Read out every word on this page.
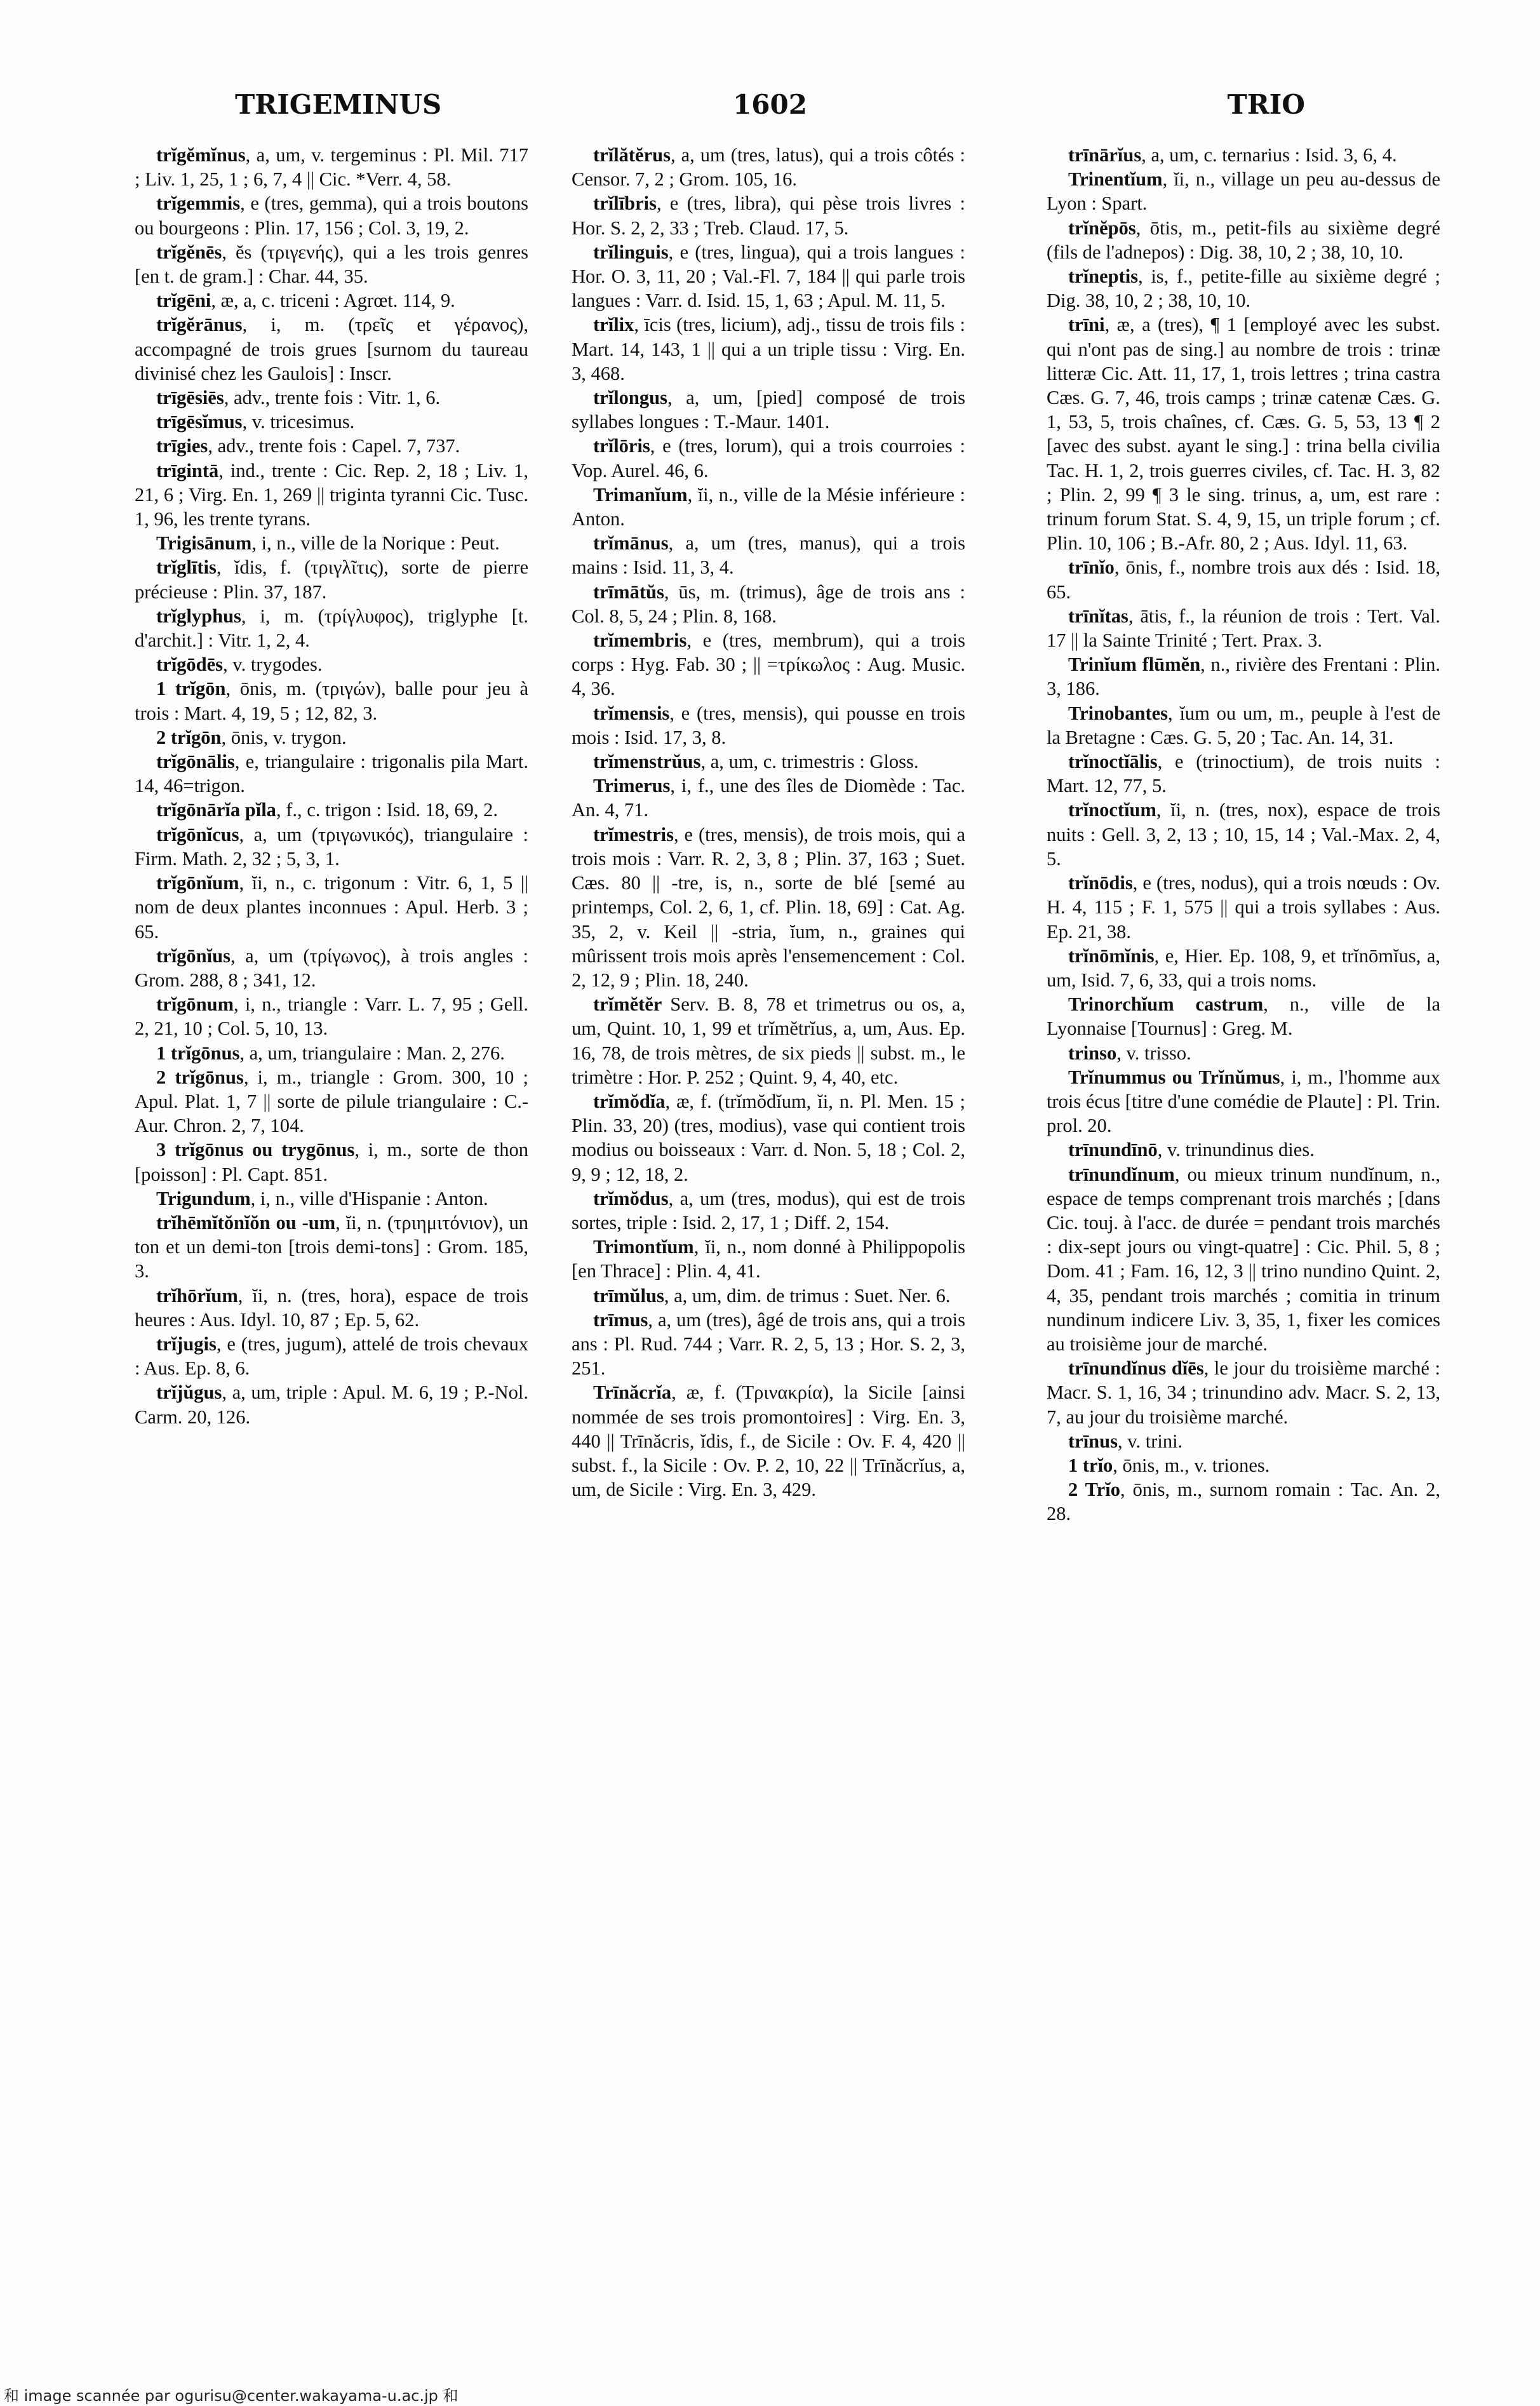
TRIGEMINUS	1602	TRIO

trĭgĕmĭnus, a, um, v. tergeminus : Pl. Mil. 717 ; Liv. 1, 25, 1 ; 6, 7, 4 || Cic. *Verr. 4, 58.

trĭgemmis, e (tres, gemma), qui a trois boutons ou bourgeons : Plin. 17, 156 ; Col. 3, 19, 2.

trĭgĕnēs, ĕs (τριγενής), qui a les trois genres [en t. de gram.] : Char. 44, 35.

trĭgēni, æ, a, c. triceni : Agrœt. 114, 9.

trĭgĕrānus, i, m. (τρεῖς et γέρανος), accompagné de trois grues [surnom du taureau divinisé chez les Gaulois] : Inscr.

trīgēsiēs, adv., trente fois : Vitr. 1, 6.

trīgēsĭmus, v. tricesimus.

trīgies, adv., trente fois : Capel. 7, 737.

trīgintā, ind., trente : Cic. Rep. 2, 18 ; Liv. 1, 21, 6 ; Virg. En. 1, 269 || triginta tyranni Cic. Tusc. 1, 96, les trente tyrans.

Trigisānum, i, n., ville de la Norique : Peut.

trĭglītis, ĭdis, f. (τριγλῖτις), sorte de pierre précieuse : Plin. 37, 187.

trĭglyphus, i, m. (τρίγλυφος), triglyphe [t. d'archit.] : Vitr. 1, 2, 4.

trĭgōdēs, v. trygodes.

1 trĭgōn, ōnis, m. (τριγών), balle pour jeu à trois : Mart. 4, 19, 5 ; 12, 82, 3.

2 trĭgōn, ōnis, v. trygon.

trĭgōnālis, e, triangulaire : trigonalis pila Mart. 14, 46=trigon.

trĭgōnārĭa pĭla, f., c. trigon : Isid. 18, 69, 2.

trĭgōnĭcus, a, um (τριγωνικός), triangulaire : Firm. Math. 2, 32 ; 5, 3, 1.

trĭgōnĭum, ĭi, n., c. trigonum : Vitr. 6, 1, 5 || nom de deux plantes inconnues : Apul. Herb. 3 ; 65.

trĭgōnĭus, a, um (τρίγωνος), à trois angles : Grom. 288, 8 ; 341, 12.

trĭgōnum, i, n., triangle : Varr. L. 7, 95 ; Gell. 2, 21, 10 ; Col. 5, 10, 13.

1 trĭgōnus, a, um, triangulaire : Man. 2, 276.

2 trĭgōnus, i, m., triangle : Grom. 300, 10 ; Apul. Plat. 1, 7 || sorte de pilule triangulaire : C.-Aur. Chron. 2, 7, 104.

3 trĭgōnus ou trygōnus, i, m., sorte de thon [poisson] : Pl. Capt. 851.

Trigundum, i, n., ville d'Hispanie : Anton.

trĭhēmĭtŏnĭŏn ou -um, ĭi, n. (τριημιτόνιον), un ton et un demi-ton [trois demi-tons] : Grom. 185, 3.

trĭhōrĭum, ĭi, n. (tres, hora), espace de trois heures : Aus. Idyl. 10, 87 ; Ep. 5, 62.

trĭjugis, e (tres, jugum), attelé de trois chevaux : Aus. Ep. 8, 6.

trĭjŭgus, a, um, triple : Apul. M. 6, 19 ; P.-Nol. Carm. 20, 126.

trĭlătĕrus, a, um (tres, latus), qui a trois côtés : Censor. 7, 2 ; Grom. 105, 16.

trĭlībris, e (tres, libra), qui pèse trois livres : Hor. S. 2, 2, 33 ; Treb. Claud. 17, 5.

trĭlinguis, e (tres, lingua), qui a trois langues : Hor. O. 3, 11, 20 ; Val.-Fl. 7, 184 || qui parle trois langues : Varr. d. Isid. 15, 1, 63 ; Apul. M. 11, 5.

trĭlix, īcis (tres, licium), adj., tissu de trois fils : Mart. 14, 143, 1 || qui a un triple tissu : Virg. En. 3, 468.

trĭlongus, a, um, [pied] composé de trois syllabes longues : T.-Maur. 1401.

trĭlōris, e (tres, lorum), qui a trois courroies : Vop. Aurel. 46, 6.

Trimanĭum, ĭi, n., ville de la Mésie inférieure : Anton.

trĭmānus, a, um (tres, manus), qui a trois mains : Isid. 11, 3, 4.

trīmātŭs, ūs, m. (trimus), âge de trois ans : Col. 8, 5, 24 ; Plin. 8, 168.

trĭmembris, e (tres, membrum), qui a trois corps : Hyg. Fab. 30 ; || =τρίκωλος : Aug. Music. 4, 36.

trĭmensis, e (tres, mensis), qui pousse en trois mois : Isid. 17, 3, 8.

trĭmenstrŭus, a, um, c. trimestris : Gloss.

Trimerus, i, f., une des îles de Diomède : Tac. An. 4, 71.

trĭmestris, e (tres, mensis), de trois mois, qui a trois mois : Varr. R. 2, 3, 8 ; Plin. 37, 163 ; Suet. Cæs. 80 || -tre, is, n., sorte de blé [semé au printemps, Col. 2, 6, 1, cf. Plin. 18, 69] : Cat. Ag. 35, 2, v. Keil || -stria, ĭum, n., graines qui mûrissent trois mois après l'ensemencement : Col. 2, 12, 9 ; Plin. 18, 240.

trĭmĕtĕr Serv. B. 8, 78 et trimetrus ou os, a, um, Quint. 10, 1, 99 et trĭmĕtrĭus, a, um, Aus. Ep. 16, 78, de trois mètres, de six pieds || subst. m., le trimètre : Hor. P. 252 ; Quint. 9, 4, 40, etc.

trĭmŏdĭa, æ, f. (trĭmŏdĭum, ĭi, n. Pl. Men. 15 ; Plin. 33, 20) (tres, modius), vase qui contient trois modius ou boisseaux : Varr. d. Non. 5, 18 ; Col. 2, 9, 9 ; 12, 18, 2.

trĭmŏdus, a, um (tres, modus), qui est de trois sortes, triple : Isid. 2, 17, 1 ; Diff. 2, 154.

Trimontĭum, ĭi, n., nom donné à Philippopolis [en Thrace] : Plin. 4, 41.

trīmŭlus, a, um, dim. de trimus : Suet. Ner. 6.

trīmus, a, um (tres), âgé de trois ans, qui a trois ans : Pl. Rud. 744 ; Varr. R. 2, 5, 13 ; Hor. S. 2, 3, 251.

Trīnăcrĭa, æ, f. (Τρινακρία), la Sicile [ainsi nommée de ses trois promontoires] : Virg. En. 3, 440 || Trīnăcris, ĭdis, f., de Sicile : Ov. F. 4, 420 || subst. f., la Sicile : Ov. P. 2, 10, 22 || Trīnăcrĭus, a, um, de Sicile : Virg. En. 3, 429.

trīnārĭus, a, um, c. ternarius : Isid. 3, 6, 4.

Trinentĭum, ĭi, n., village un peu au-dessus de Lyon : Spart.

trĭnĕpōs, ōtis, m., petit-fils au sixième degré (fils de l'adnepos) : Dig. 38, 10, 2 ; 38, 10, 10.

trĭneptis, is, f., petite-fille au sixième degré ; Dig. 38, 10, 2 ; 38, 10, 10.

trīni, æ, a (tres), ¶ 1 [employé avec les subst. qui n'ont pas de sing.] au nombre de trois : trinæ litteræ Cic. Att. 11, 17, 1, trois lettres ; trina castra Cæs. G. 7, 46, trois camps ; trinæ catenæ Cæs. G. 1, 53, 5, trois chaînes, cf. Cæs. G. 5, 53, 13 ¶ 2 [avec des subst. ayant le sing.] : trina bella civilia Tac. H. 1, 2, trois guerres civiles, cf. Tac. H. 3, 82 ; Plin. 2, 99 ¶ 3 le sing. trinus, a, um, est rare : trinum forum Stat. S. 4, 9, 15, un triple forum ; cf. Plin. 10, 106 ; B.-Afr. 80, 2 ; Aus. Idyl. 11, 63.

trīnĭo, ōnis, f., nombre trois aux dés : Isid. 18, 65.

trīnĭtas, ātis, f., la réunion de trois : Tert. Val. 17 || la Sainte Trinité ; Tert. Prax. 3.

Trinĭum flūmĕn, n., rivière des Frentani : Plin. 3, 186.

Trinobantes, ĭum ou um, m., peuple à l'est de la Bretagne : Cæs. G. 5, 20 ; Tac. An. 14, 31.

trĭnoctĭālis, e (trinoctium), de trois nuits : Mart. 12, 77, 5.

trĭnoctĭum, ĭi, n. (tres, nox), espace de trois nuits : Gell. 3, 2, 13 ; 10, 15, 14 ; Val.-Max. 2, 4, 5.

trĭnōdis, e (tres, nodus), qui a trois nœuds : Ov. H. 4, 115 ; F. 1, 575 || qui a trois syllabes : Aus. Ep. 21, 38.

trĭnōmĭnis, e, Hier. Ep. 108, 9, et trĭnōmĭus, a, um, Isid. 7, 6, 33, qui a trois noms.

Trinorchĭum castrum, n., ville de la Lyonnaise [Tournus] : Greg. M.

trinso, v. trisso.

Trĭnummus ou Trĭnŭmus, i, m., l'homme aux trois écus [titre d'une comédie de Plaute] : Pl. Trin. prol. 20.

trīnundīnō, v. trinundinus dies.

trīnundĭnum, ou mieux trinum nundĭnum, n., espace de temps comprenant trois marchés ; [dans Cic. touj. à l'acc. de durée = pendant trois marchés : dix-sept jours ou vingt-quatre] : Cic. Phil. 5, 8 ; Dom. 41 ; Fam. 16, 12, 3 || trino nundino Quint. 2, 4, 35, pendant trois marchés ; comitia in trinum nundinum indicere Liv. 3, 35, 1, fixer les comices au troisième jour de marché.

trīnundĭnus dĭēs, le jour du troisième marché : Macr. S. 1, 16, 34 ; trinundino adv. Macr. S. 2, 13, 7, au jour du troisième marché.

trīnus, v. trini.

1 trĭo, ōnis, m., v. triones.

2 Trĭo, ōnis, m., surnom romain : Tac. An. 2, 28.

和 image scannée par ogurisu@center.wakayama-u.ac.jp 和
